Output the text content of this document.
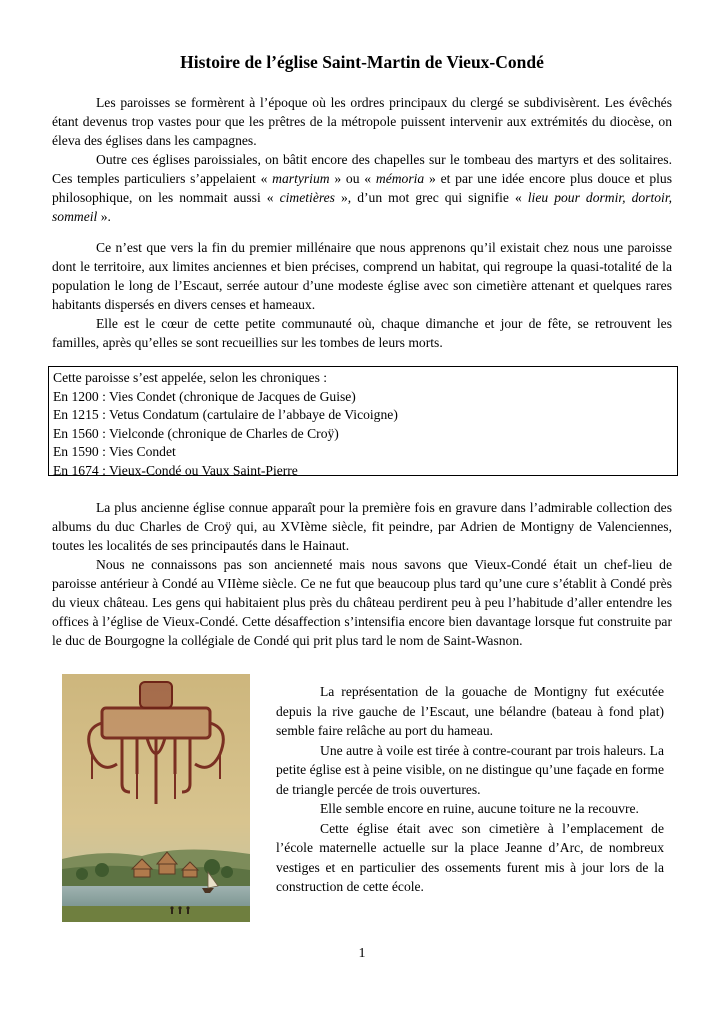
Histoire de l’église Saint-Martin de Vieux-Condé

Les paroisses se formèrent à l’époque où les ordres principaux du clergé se subdivisèrent. Les évêchés étant devenus trop vastes pour que les prêtres de la métropole puissent intervenir aux extrémités du diocèse, on éleva des églises dans les campagnes.

Outre ces églises paroissiales, on bâtit encore des chapelles sur le tombeau des martyrs et des solitaires. Ces temples particuliers s’appelaient « martyrium » ou « mémoria » et par une idée encore plus douce et plus philosophique, on les nommait aussi « cimetières », d’un mot grec qui signifie « lieu pour dormir, dortoir, sommeil ».

Ce n’est que vers la fin du premier millénaire que nous apprenons qu’il existait chez nous une paroisse dont le territoire, aux limites anciennes et bien précises, comprend un habitat, qui regroupe la quasi-totalité de la population le long de l’Escaut, serrée autour d’une modeste église avec son cimetière attenant et quelques rares habitants dispersés en divers censes et hameaux.

Elle est le cœur de cette petite communauté où, chaque dimanche et jour de fête, se retrouvent les familles, après qu’elles se sont recueillies sur les tombes de leurs morts.

Cette paroisse s’est appelée, selon les chroniques :
En 1200 : Vies Condet (chronique de Jacques de Guise)
En 1215 : Vetus Condatum (cartulaire de l’abbaye de Vicoigne)
En 1560 : Vielconde (chronique de Charles de Croÿ)
En 1590 : Vies Condet
En 1674 : Vieux-Condé ou Vaux Saint-Pierre

La plus ancienne église connue apparaît pour la première fois en gravure dans l’admirable collection des albums du duc Charles de Croÿ qui, au XVIème siècle, fit peindre, par Adrien de Montigny de Valenciennes, toutes les localités de ses principautés dans le Hainaut.

Nous ne connaissons pas son ancienneté mais nous savons que Vieux-Condé était un chef-lieu de paroisse antérieur à Condé au VIIème siècle. Ce ne fut que beaucoup plus tard qu’une cure s’établit à Condé près du vieux château. Les gens qui habitaient plus près du château perdirent peu à peu l’habitude d’aller entendre les offices à l’église de Vieux-Condé. Cette désaffection s’intensifia encore bien davantage lorsque fut construite par le duc de Bourgogne la collégiale de Condé qui prit plus tard le nom de Saint-Wasnon.

La représentation de la gouache de Montigny fut exécutée depuis la rive gauche de l’Escaut, une bélandre (bateau à fond plat) semble faire relâche au port du hameau.

Une autre à voile est tirée à contre-courant par trois haleurs. La petite église est à peine visible, on ne distingue qu’une façade en forme de triangle percée de trois ouvertures.

Elle semble encore en ruine, aucune toiture ne la recouvre.

Cette église était avec son cimetière à l’emplacement de l’école maternelle actuelle sur la place Jeanne d’Arc, de nombreux vestiges et en particulier des ossements furent mis à jour lors de la construction de cette école.

1
